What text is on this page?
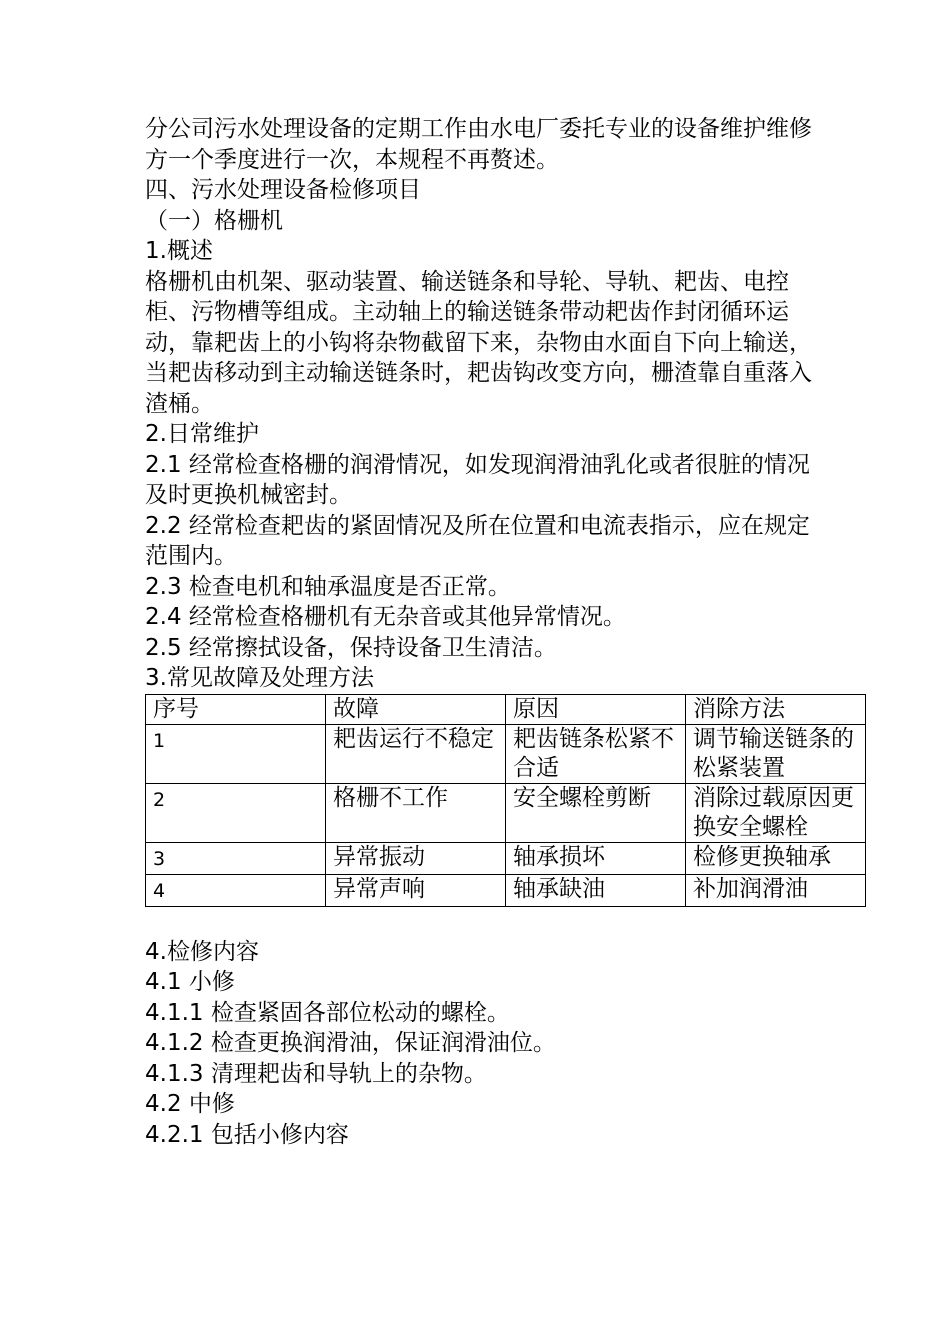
分公司污水处理设备的定期工作由水电厂委托专业的设备维护维修方一个季度进行一次，本规程不再赘述。

四、污水处理设备检修项目

（一）格栅机

1.概述

格栅机由机架、驱动装置、输送链条和导轮、导轨、耙齿、电控柜、污物槽等组成。主动轴上的输送链条带动耙齿作封闭循环运动，靠耙齿上的小钩将杂物截留下来，杂物由水面自下向上输送，当耙齿移动到主动输送链条时，耙齿钩改变方向，栅渣靠自重落入渣桶。

2.日常维护

2.1 经常检查格栅的润滑情况，如发现润滑油乳化或者很脏的情况及时更换机械密封。

2.2 经常检查耙齿的紧固情况及所在位置和电流表指示，应在规定范围内。

2.3 检查电机和轴承温度是否正常。

2.4 经常检查格栅机有无杂音或其他异常情况。

2.5 经常擦拭设备，保持设备卫生清洁。

3.常见故障及处理方法

序号	故障	原因	消除方法
1	耙齿运行不稳定	耙齿链条松紧不合适	调节输送链条的松紧装置
2	格栅不工作	安全螺栓剪断	消除过载原因更换安全螺栓
3	异常振动	轴承损坏	检修更换轴承
4	异常声响	轴承缺油	补加润滑油

4.检修内容

4.1 小修

4.1.1 检查紧固各部位松动的螺栓。

4.1.2 检查更换润滑油，保证润滑油位。

4.1.3 清理耙齿和导轨上的杂物。

4.2 中修

4.2.1 包括小修内容
